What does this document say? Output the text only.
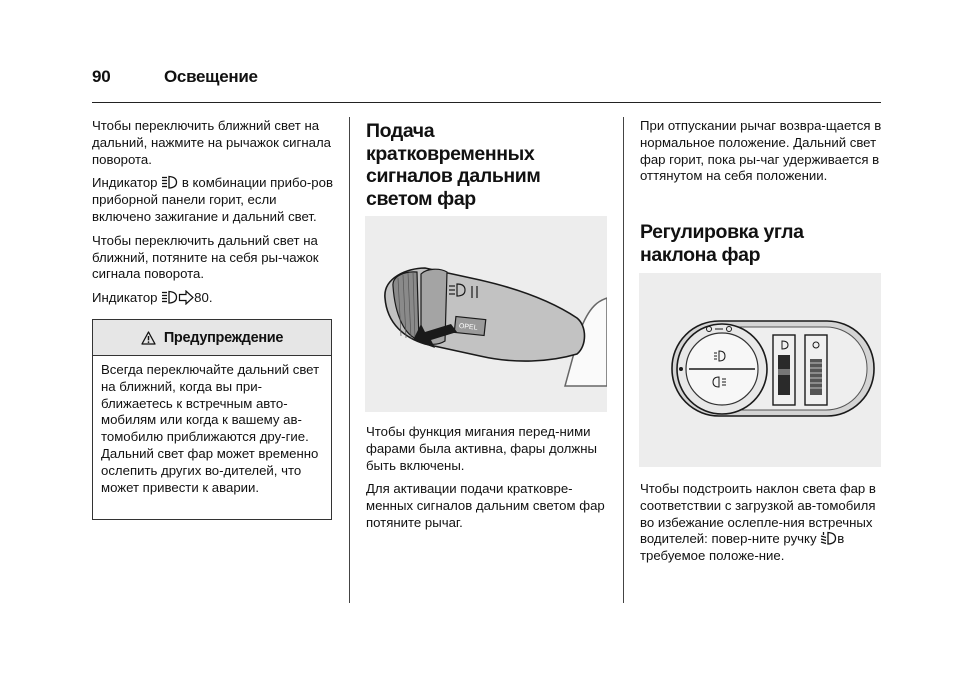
90	Освещение

Чтобы переключить ближний свет на дальний, нажмите на рычажок сигнала поворота.

Индикатор  в комбинации прибо-ров приборной панели горит, если включено зажигание и дальний свет.

Чтобы переключить дальний свет на ближний, потяните на себя ры-чажок сигнала поворота.

Индикатор	80.

Предупреждение
Всегда переключайте дальний свет на ближний, когда вы при-ближаетесь к встречным авто-мобилям или когда к вашему ав-томобилю приближаются дру-гие. Дальний свет фар может временно ослепить других во-дителей, что может привести к аварии.
Подача кратковременных сигналов дальним светом фар
OPEL

Чтобы функция мигания перед-ними фарами была активна, фары должны быть включены.

Для активации подачи кратковре-менных сигналов дальним светом фар потяните рычаг.

При отпускании рычаг возвра-щается в нормальное положение. Дальний свет фар горит, пока ры-чаг удерживается в оттянутом на себя положении.

Регулировка угла наклона фар

Чтобы подстроить наклон света фар в соответствии с загрузкой ав-томобиля во избежание ослепле-ния встречных водителей: повер-ните ручку в требуемое положе-ние.
